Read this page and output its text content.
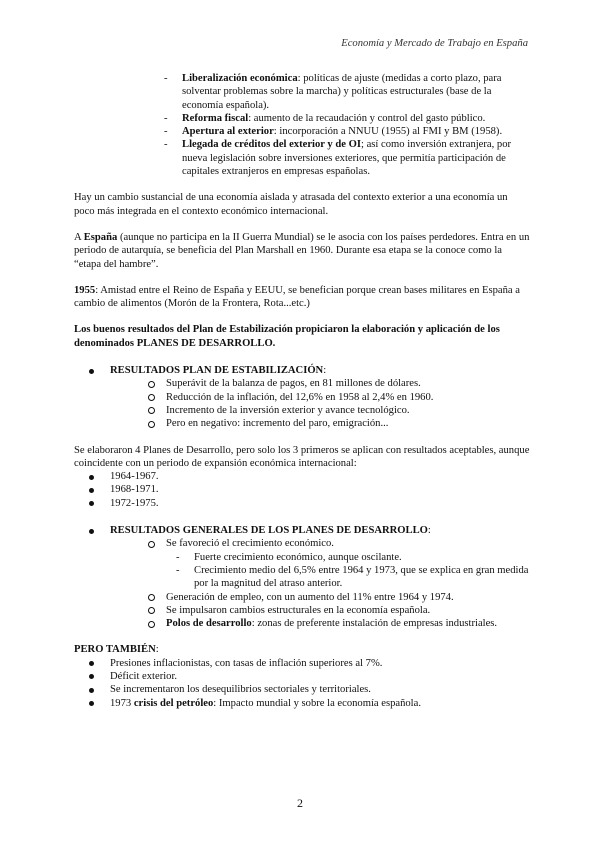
Economía y Mercado de Trabajo en España
- Liberalización económica: políticas de ajuste (medidas a corto plazo, para solventar problemas sobre la marcha) y políticas estructurales (base de la economía española).
- Reforma fiscal: aumento de la recaudación y control del gasto público.
- Apertura al exterior: incorporación a NNUU (1955) al FMI y BM (1958).
- Llegada de créditos del exterior y de OI; así como inversión extranjera, por nueva legislación sobre inversiones exteriores, que permitía participación de capitales extranjeros en empresas españolas.

Hay un cambio sustancial de una economía aislada y atrasada del contexto exterior a una economía un poco más integrada en el contexto económico internacional.

A España (aunque no participa en la II Guerra Mundial) se le asocia con los países perdedores. Entra en un periodo de autarquía, se beneficia del Plan Marshall en 1960. Durante esa etapa se la conoce como la “etapa del hambre”.

1955: Amistad entre el Reino de España y EEUU, se benefician porque crean bases militares en España a cambio de alimentos (Morón de la Frontera, Rota...etc.)

Los buenos resultados del Plan de Estabilización propiciaron la elaboración y aplicación de los denominados PLANES DE DESARROLLO.

RESULTADOS PLAN DE ESTABILIZACIÓN:
Superávit de la balanza de pagos, en 81 millones de dólares.
Reducción de la inflación, del 12,6% en 1958 al 2,4% en 1960.
Incremento de la inversión exterior y avance tecnológico.
Pero en negativo: incremento del paro, emigración...

Se elaboraron 4 Planes de Desarrollo, pero solo los 3 primeros se aplican con resultados aceptables, aunque coincidente con un periodo de expansión económica internacional:

1964-1967.
1968-1971.
1972-1975.
RESULTADOS GENERALES DE LOS PLANES DE DESARROLLO:
Se favoreció el crecimiento económico.
- Fuerte crecimiento económico, aunque oscilante.
- Crecimiento medio del 6,5% entre 1964 y 1973, que se explica en gran medida por la magnitud del atraso anterior.
Generación de empleo, con un aumento del 11% entre 1964 y 1974.
Se impulsaron cambios estructurales en la economía española.
Polos de desarrollo: zonas de preferente instalación de empresas industriales.

PERO TAMBIÉN:

Presiones inflacionistas, con tasas de inflación superiores al 7%.
Déficit exterior.
Se incrementaron los desequilibrios sectoriales y territoriales.
1973 crisis del petróleo: Impacto mundial y sobre la economía española.
2
